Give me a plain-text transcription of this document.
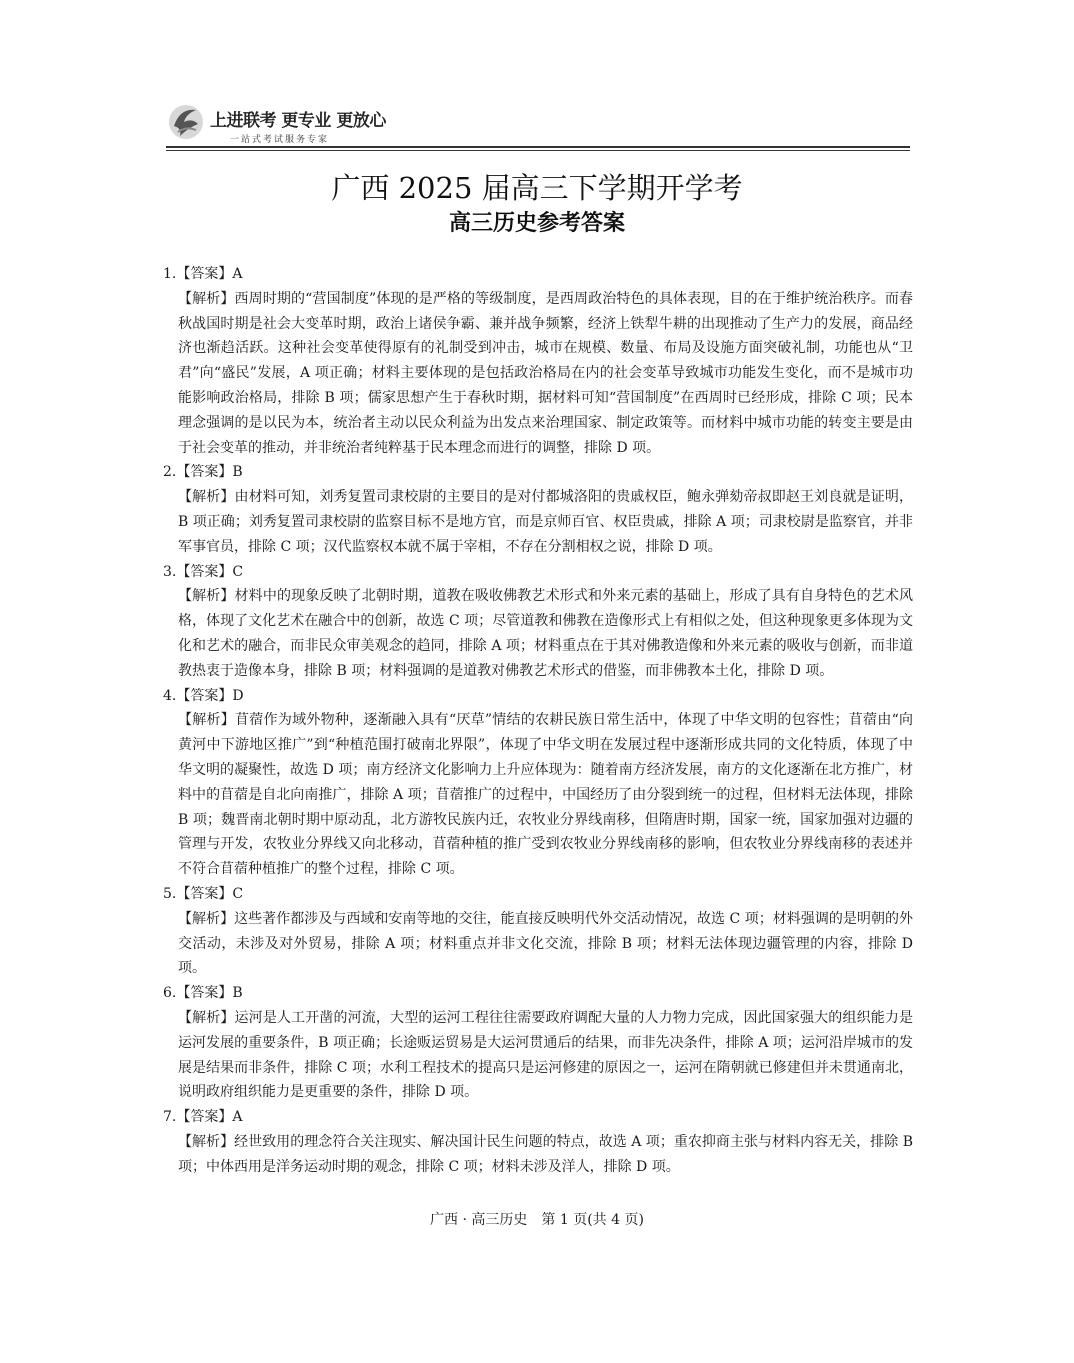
上进联考 更专业 更放心
一站式考试服务专家
广西 2025 届高三下学期开学考
高三历史参考答案
1.【答案】A
【解析】西周时期的“营国制度”体现的是严格的等级制度，是西周政治特色的具体表现，目的在于维护统治秩序。而春秋战国时期是社会大变革时期，政治上诸侯争霸、兼并战争频繁，经济上铁犁牛耕的出现推动了生产力的发展，商品经济也渐趋活跃。这种社会变革使得原有的礼制受到冲击，城市在规模、数量、布局及设施方面突破礼制，功能也从“卫君”向“盛民”发展，A 项正确；材料主要体现的是包括政治格局在内的社会变革导致城市功能发生变化，而不是城市功能影响政治格局，排除 B 项；儒家思想产生于春秋时期，据材料可知“营国制度”在西周时已经形成，排除 C 项；民本理念强调的是以民为本，统治者主动以民众利益为出发点来治理国家、制定政策等。而材料中城市功能的转变主要是由于社会变革的推动，并非统治者纯粹基于民本理念而进行的调整，排除 D 项。
2.【答案】B
【解析】由材料可知，刘秀复置司隶校尉的主要目的是对付都城洛阳的贵戚权臣，鲍永弹劾帝叔即赵王刘良就是证明，B 项正确；刘秀复置司隶校尉的监察目标不是地方官，而是京师百官、权臣贵戚，排除 A 项；司隶校尉是监察官，并非军事官员，排除 C 项；汉代监察权本就不属于宰相，不存在分割相权之说，排除 D 项。
3.【答案】C
【解析】材料中的现象反映了北朝时期，道教在吸收佛教艺术形式和外来元素的基础上，形成了具有自身特色的艺术风格，体现了文化艺术在融合中的创新，故选 C 项；尽管道教和佛教在造像形式上有相似之处，但这种现象更多体现为文化和艺术的融合，而非民众审美观念的趋同，排除 A 项；材料重点在于其对佛教造像和外来元素的吸收与创新，而非道教热衷于造像本身，排除 B 项；材料强调的是道教对佛教艺术形式的借鉴，而非佛教本土化，排除 D 项。
4.【答案】D
【解析】苜蓿作为域外物种，逐渐融入具有“厌草”情结的农耕民族日常生活中，体现了中华文明的包容性；苜蓿由“向黄河中下游地区推广”到“种植范围打破南北界限”，体现了中华文明在发展过程中逐渐形成共同的文化特质，体现了中华文明的凝聚性，故选 D 项；南方经济文化影响力上升应体现为：随着南方经济发展，南方的文化逐渐在北方推广，材料中的苜蓿是自北向南推广，排除 A 项；苜蓿推广的过程中，中国经历了由分裂到统一的过程，但材料无法体现，排除 B 项；魏晋南北朝时期中原动乱，北方游牧民族内迁，农牧业分界线南移，但隋唐时期，国家一统，国家加强对边疆的管理与开发，农牧业分界线又向北移动，苜蓿种植的推广受到农牧业分界线南移的影响，但农牧业分界线南移的表述并不符合苜蓿种植推广的整个过程，排除 C 项。
5.【答案】C
【解析】这些著作都涉及与西域和安南等地的交往，能直接反映明代外交活动情况，故选 C 项；材料强调的是明朝的外交活动，未涉及对外贸易，排除 A 项；材料重点并非文化交流，排除 B 项；材料无法体现边疆管理的内容，排除 D 项。
6.【答案】B
【解析】运河是人工开凿的河流，大型的运河工程往往需要政府调配大量的人力物力完成，因此国家强大的组织能力是运河发展的重要条件，B 项正确；长途贩运贸易是大运河贯通后的结果，而非先决条件，排除 A 项；运河沿岸城市的发展是结果而非条件，排除 C 项；水利工程技术的提高只是运河修建的原因之一，运河在隋朝就已修建但并未贯通南北，说明政府组织能力是更重要的条件，排除 D 项。
7.【答案】A
【解析】经世致用的理念符合关注现实、解决国计民生问题的特点，故选 A 项；重农抑商主张与材料内容无关，排除 B 项；中体西用是洋务运动时期的观念，排除 C 项；材料未涉及洋人，排除 D 项。
广西 · 高三历史　第 1 页(共 4 页)
